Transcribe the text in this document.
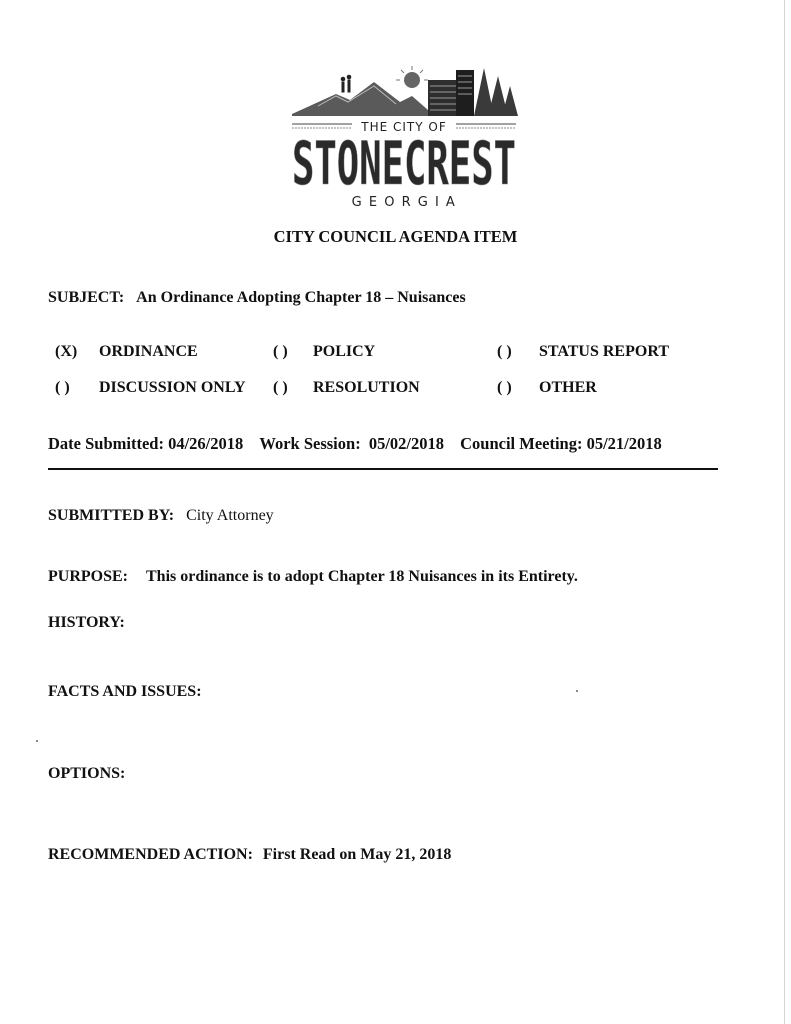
THE CITY OF
STONECREST
G E O R G I A
CITY COUNCIL AGENDA ITEM
SUBJECT: An Ordinance Adopting Chapter 18 – Nuisances
(X) ORDINANCE	( ) POLICY	( ) STATUS REPORT
( ) DISCUSSION ONLY ( ) RESOLUTION	( ) OTHER
Date Submitted: 04/26/2018 Work Session: 05/02/2018 Council Meeting: 05/21/2018
SUBMITTED BY: City Attorney
PURPOSE: This ordinance is to adopt Chapter 18 Nuisances in its Entirety.
HISTORY:
FACTS AND ISSUES:
OPTIONS:
RECOMMENDED ACTION: First Read on May 21, 2018
